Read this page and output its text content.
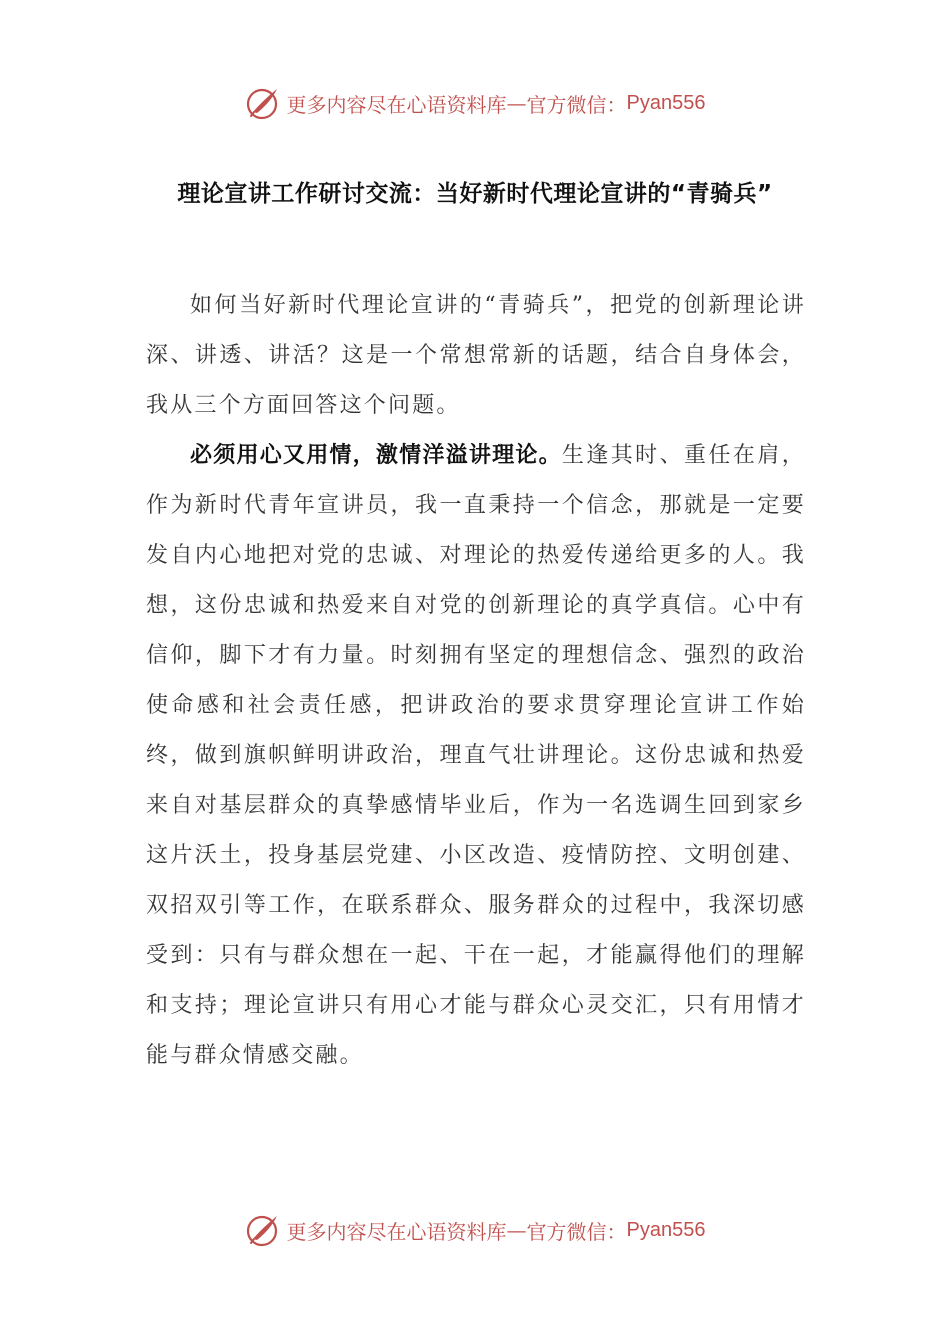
更多内容尽在心语资料库 — 官方微信： Pyan556
理论宣讲工作研讨交流：当好新时代理论宣讲的“青骑兵”

如何当好新时代理论宣讲的“青骑兵”，把党的创新理论讲深、讲透、讲活？这是一个常想常新的话题，结合自身体会，我从三个方面回答这个问题。

必须用心又用情，激情洋溢讲理论。生逢其时、重任在肩，作为新时代青年宣讲员，我一直秉持一个信念，那就是一定要发自内心地把对党的忠诚、对理论的热爱传递给更多的人。我想，这份忠诚和热爱来自对党的创新理论的真学真信。心中有信仰，脚下才有力量。时刻拥有坚定的理想信念、强烈的政治使命感和社会责任感，把讲政治的要求贯穿理论宣讲工作始终，做到旗帜鲜明讲政治，理直气壮讲理论。这份忠诚和热爱来自对基层群众的真挚感情毕业后，作为一名选调生回到家乡这片沃土，投身基层党建、小区改造、疫情防控、文明创建、双招双引等工作，在联系群众、服务群众的过程中，我深切感受到：只有与群众想在一起、干在一起，才能赢得他们的理解和支持；理论宣讲只有用心才能与群众心灵交汇，只有用情才能与群众情感交融。

更多内容尽在心语资料库 — 官方微信： Pyan556
